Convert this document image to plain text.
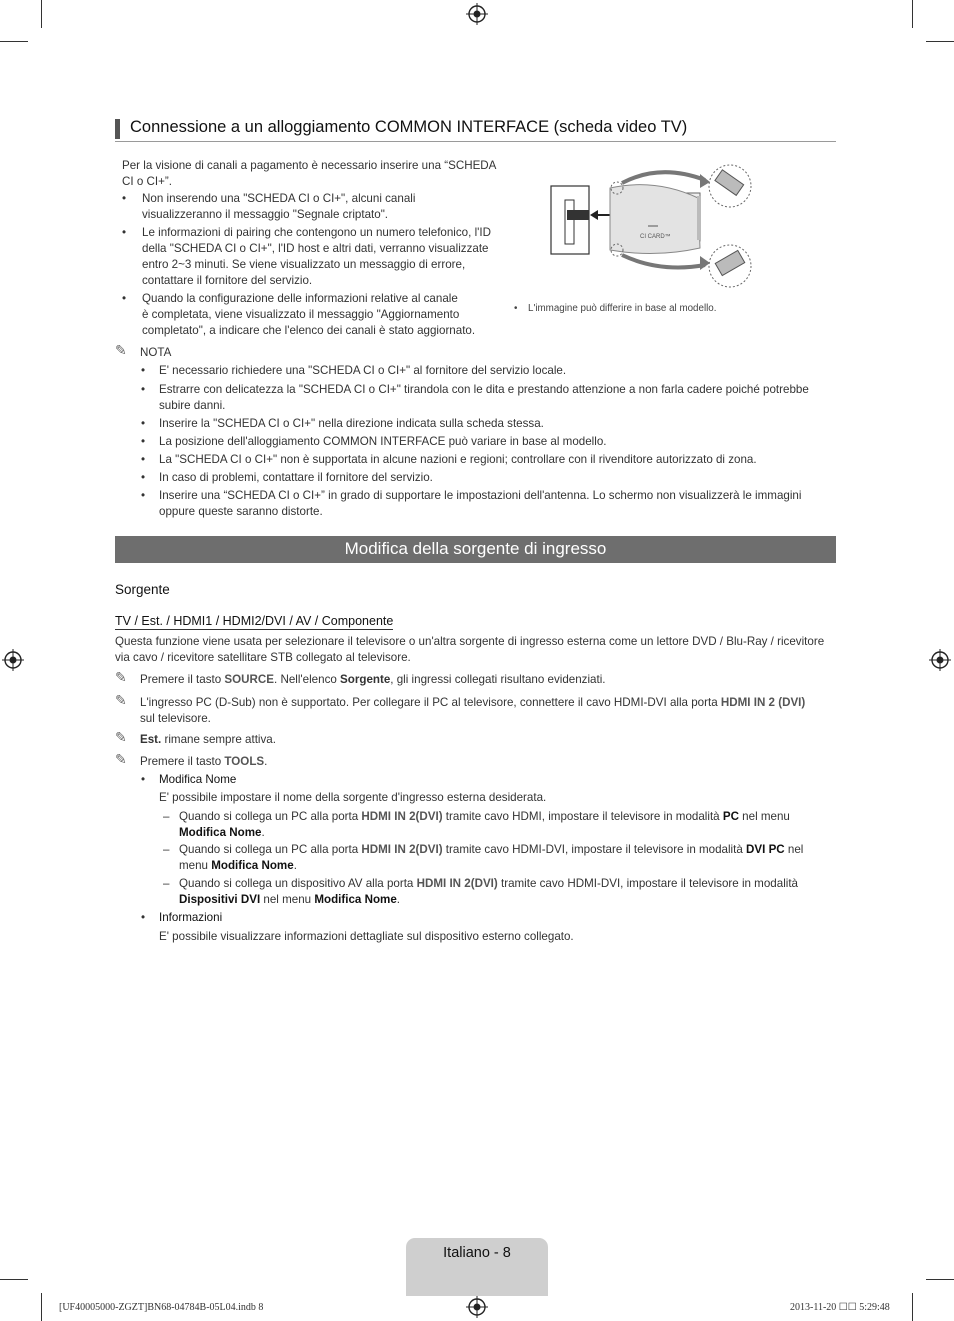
Connessione a un alloggiamento COMMON INTERFACE (scheda video TV)
Per la visione di canali a pagamento è necessario inserire una “SCHEDA
CI o CI+”.
• Non inserendo una "SCHEDA CI o CI+", alcuni canali
visualizzeranno il messaggio "Segnale criptato".
• Le informazioni di pairing che contengono un numero telefonico, l'ID
della "SCHEDA CI o CI+", l'ID host e altri dati, verranno visualizzate
entro 2~3 minuti. Se viene visualizzato un messaggio di errore,
contattare il fornitore del servizio.
• Quando la configurazione delle informazioni relative al canale
è completata, viene visualizzato il messaggio "Aggiornamento
completato", a indicare che l'elenco dei canali è stato aggiornato.
CI CARD™
• L'immagine può differire in base al modello.
✎ NOTA
• E' necessario richiedere una "SCHEDA CI o CI+" al fornitore del servizio locale.
• Estrarre con delicatezza la "SCHEDA CI o CI+" tirandola con le dita e prestando attenzione a non farla cadere poiché potrebbe
subire danni.
• Inserire la "SCHEDA CI o CI+" nella direzione indicata sulla scheda stessa.
• La posizione dell'alloggiamento COMMON INTERFACE può variare in base al modello.
• La "SCHEDA CI o CI+" non è supportata in alcune nazioni e regioni; controllare con il rivenditore autorizzato di zona.
• In caso di problemi, contattare il fornitore del servizio.
• Inserire una “SCHEDA CI o CI+” in grado di supportare le impostazioni dell'antenna. Lo schermo non visualizzerà le immagini
oppure queste saranno distorte.
Modifica della sorgente di ingresso
Sorgente
TV / Est. / HDMI1 / HDMI2/DVI / AV / Componente
Questa funzione viene usata per selezionare il televisore o un'altra sorgente di ingresso esterna come un lettore DVD / Blu-Ray / ricevitore
via cavo / ricevitore satellitare STB collegato al televisore.
✎ Premere il tasto SOURCE. Nell'elenco Sorgente, gli ingressi collegati risultano evidenziati.
✎ L'ingresso PC (D-Sub) non è supportato. Per collegare il PC al televisore, connettere il cavo HDMI-DVI alla porta HDMI IN 2 (DVI)
sul televisore.
✎ Est. rimane sempre attiva.
✎ Premere il tasto TOOLS.
• Modifica Nome
E' possibile impostare il nome della sorgente d'ingresso esterna desiderata.
– Quando si collega un PC alla porta HDMI IN 2(DVI) tramite cavo HDMI, impostare il televisore in modalità PC nel menu
Modifica Nome.
– Quando si collega un PC alla porta HDMI IN 2(DVI) tramite cavo HDMI-DVI, impostare il televisore in modalità DVI PC nel
menu Modifica Nome.
– Quando si collega un dispositivo AV alla porta HDMI IN 2(DVI) tramite cavo HDMI-DVI, impostare il televisore in modalità
Dispositivi DVI nel menu Modifica Nome.
• Informazioni
E' possibile visualizzare informazioni dettagliate sul dispositivo esterno collegato.
Italiano - 8
[UF40005000-ZGZT]BN68-04784B-05L04.indb 8	2013-11-20 ☐☐ 5:29:48
